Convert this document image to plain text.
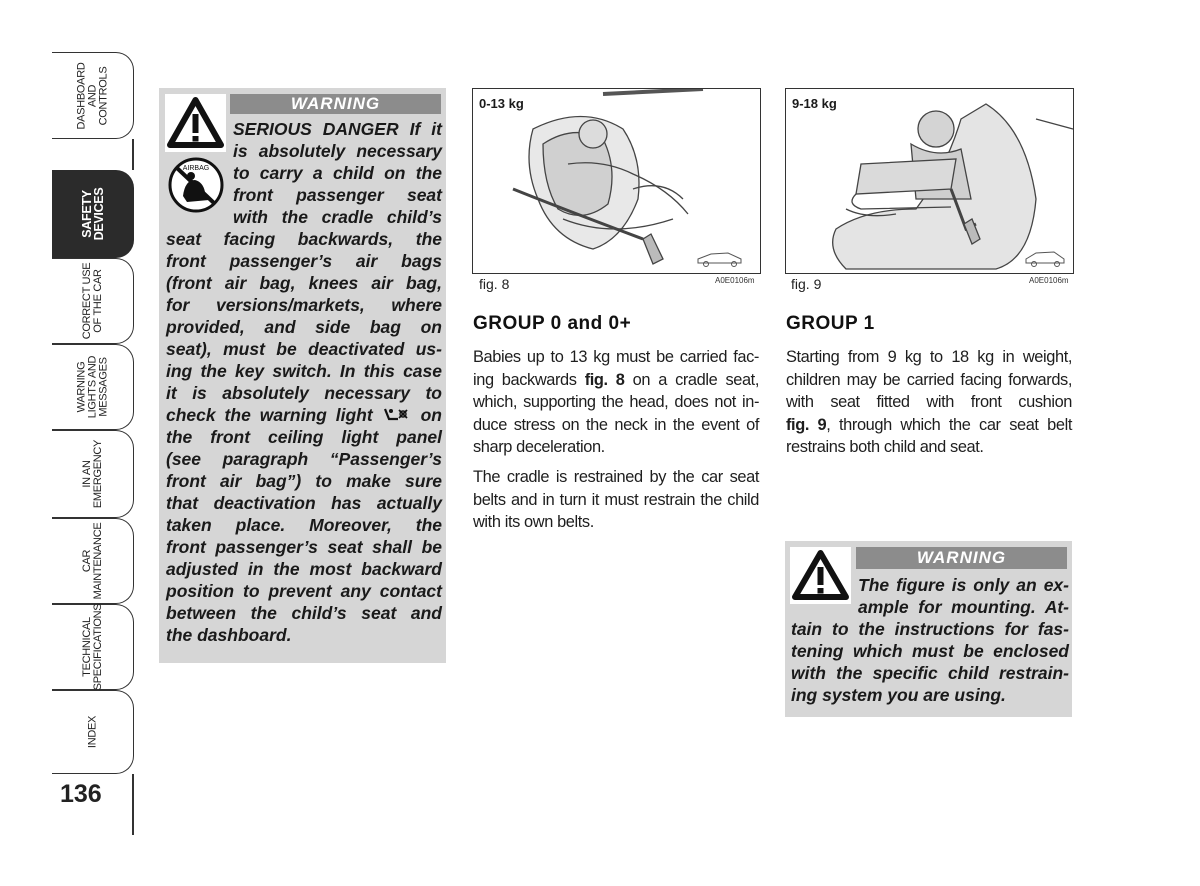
DASHBOARD
AND
CONTROLS
SAFETY
DEVICES
CORRECT USE
OF THE CAR
WARNING
LIGHTS AND
MESSAGES
IN AN
EMERGENCY
CAR
MAINTENANCE
TECHNICAL
SPECIFICATIONS
INDEX
136
AIRBAG
WARNING
SERIOUS DANGER If it
is absolutely necessary
to carry a child on the
front passenger seat
with the cradle child’s
seat facing backwards, the
front passenger’s air bags
(front air bag, knees air bag,
for versions/markets, where
provided, and side bag on
seat), must be deactivated us-
ing the key switch. In this case
it is absolutely necessary to
check the warning light	on
the front ceiling light panel
(see paragraph “Passenger’s
front air bag”) to make sure
that deactivation has actually
taken place. Moreover, the
front passenger’s seat shall be
adjusted in the most backward
position to prevent any contact
between the child’s seat and
the dashboard.
0-13 kg
fig. 8	A0E0106m
9-18 kg
fig. 9	A0E0106m
GROUP 0 and 0+
Babies up to 13 kg must be carried fac-
ing backwards fig. 8 on a cradle seat,
which, supporting the head, does not in-
duce stress on the neck in the event of
sharp deceleration.
The cradle is restrained by the car seat
belts and in turn it must restrain the child
with its own belts.
GROUP 1
Starting from 9 kg to 18 kg in weight,
children may be carried facing forwards,
with seat fitted with front cushion
fig. 9, through which the car seat belt
restrains both child and seat.
WARNING
The figure is only an ex-
ample for mounting. At-
tain to the instructions for fas-
tening which must be enclosed
with the specific child restrain-
ing system you are using.
